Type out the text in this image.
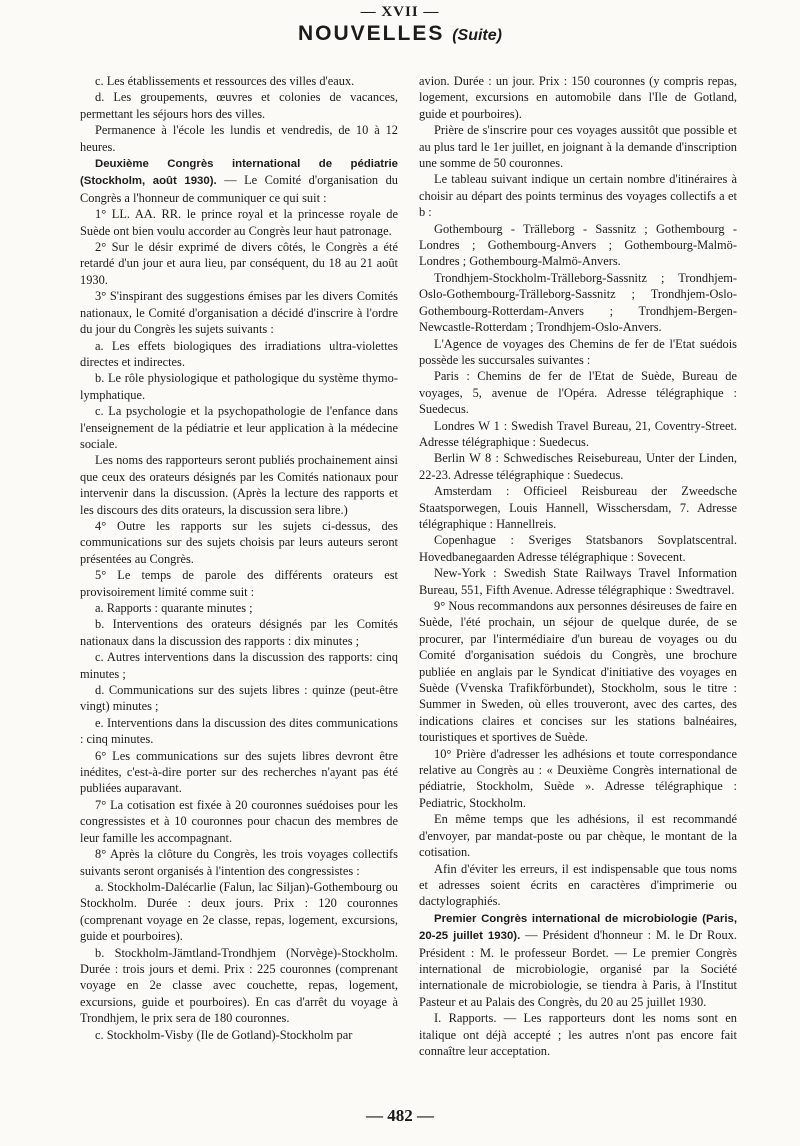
— XVII —
NOUVELLES (Suite)

c. Les établissements et ressources des villes d'eaux.

d. Les groupements, œuvres et colonies de vacances, permettant les séjours hors des villes.

Permanence à l'école les lundis et vendredis, de 10 à 12 heures.

Deuxième Congrès international de pédiatrie (Stockholm, août 1930). — Le Comité d'organisation du Congrès a l'honneur de communiquer ce qui suit :

1° LL. AA. RR. le prince royal et la princesse royale de Suède ont bien voulu accorder au Congrès leur haut patronage.

2° Sur le désir exprimé de divers côtés, le Congrès a été retardé d'un jour et aura lieu, par conséquent, du 18 au 21 août 1930.

3° S'inspirant des suggestions émises par les divers Comités nationaux, le Comité d'organisation a décidé d'inscrire à l'ordre du jour du Congrès les sujets suivants :

a. Les effets biologiques des irradiations ultra-violettes directes et indirectes.

b. Le rôle physiologique et pathologique du système thymo-lymphatique.

c. La psychologie et la psychopathologie de l'enfance dans l'enseignement de la pédiatrie et leur application à la médecine sociale.

Les noms des rapporteurs seront publiés prochainement ainsi que ceux des orateurs désignés par les Comités nationaux pour intervenir dans la discussion. (Après la lecture des rapports et les discours des dits orateurs, la discussion sera libre.)

4° Outre les rapports sur les sujets ci-dessus, des communications sur des sujets choisis par leurs auteurs seront présentées au Congrès.

5° Le temps de parole des différents orateurs est provisoirement limité comme suit :

a. Rapports : quarante minutes ;

b. Interventions des orateurs désignés par les Comités nationaux dans la discussion des rapports : dix minutes ;

c. Autres interventions dans la discussion des rapports: cinq minutes ;

d. Communications sur des sujets libres : quinze (peut-être vingt) minutes ;

e. Interventions dans la discussion des dites communications : cinq minutes.

6° Les communications sur des sujets libres devront être inédites, c'est-à-dire porter sur des recherches n'ayant pas été publiées auparavant.

7° La cotisation est fixée à 20 couronnes suédoises pour les congressistes et à 10 couronnes pour chacun des membres de leur famille les accompagnant.

8° Après la clôture du Congrès, les trois voyages collectifs suivants seront organisés à l'intention des congressistes :

a. Stockholm-Dalécarlie (Falun, lac Siljan)-Gothembourg ou Stockholm. Durée : deux jours. Prix : 120 couronnes (comprenant voyage en 2e classe, repas, logement, excursions, guide et pourboires).

b. Stockholm-Jämtland-Trondhjem (Norvège)-Stockholm. Durée : trois jours et demi. Prix : 225 couronnes (comprenant voyage en 2e classe avec couchette, repas, logement, excursions, guide et pourboires). En cas d'arrêt du voyage à Trondhjem, le prix sera de 180 couronnes.

c. Stockholm-Visby (Ile de Gotland)-Stockholm par

avion. Durée : un jour. Prix : 150 couronnes (y compris repas, logement, excursions en automobile dans l'Ile de Gotland, guide et pourboires).

Prière de s'inscrire pour ces voyages aussitôt que possible et au plus tard le 1er juillet, en joignant à la demande d'inscription une somme de 50 couronnes.

Le tableau suivant indique un certain nombre d'itinéraires à choisir au départ des points terminus des voyages collectifs a et b :

Gothembourg - Trälleborg - Sassnitz ; Gothembourg - Londres ; Gothembourg-Anvers ; Gothembourg-Malmö-Londres ; Gothembourg-Malmö-Anvers.

Trondhjem-Stockholm-Trälleborg-Sassnitz ; Trondhjem-Oslo-Gothembourg-Trälleborg-Sassnitz ; Trondhjem-Oslo-Gothembourg-Rotterdam-Anvers ; Trondhjem-Bergen-Newcastle-Rotterdam ; Trondhjem-Oslo-Anvers.

L'Agence de voyages des Chemins de fer de l'Etat suédois possède les succursales suivantes :

Paris : Chemins de fer de l'Etat de Suède, Bureau de voyages, 5, avenue de l'Opéra. Adresse télégraphique : Suedecus.

Londres W 1 : Swedish Travel Bureau, 21, Coventry-Street. Adresse télégraphique : Suedecus.

Berlin W 8 : Schwedisches Reisebureau, Unter der Linden, 22-23. Adresse télégraphique : Suedecus.

Amsterdam : Officieel Reisbureau der Zweedsche Staatsporwegen, Louis Hannell, Wisschersdam, 7. Adresse télégraphique : Hannellreis.

Copenhague : Sveriges Statsbanors Sovplatscentral. Hovedbanegaarden Adresse télégraphique : Sovecent.

New-York : Swedish State Railways Travel Information Bureau, 551, Fifth Avenue. Adresse télégraphique : Swedtravel.

9° Nous recommandons aux personnes désireuses de faire en Suède, l'été prochain, un séjour de quelque durée, de se procurer, par l'intermédiaire d'un bureau de voyages ou du Comité d'organisation suédois du Congrès, une brochure publiée en anglais par le Syndicat d'initiative des voyages en Suède (Vvenska Trafikförbundet), Stockholm, sous le titre : Summer in Sweden, où elles trouveront, avec des cartes, des indications claires et concises sur les stations balnéaires, touristiques et sportives de Suède.

10° Prière d'adresser les adhésions et toute correspondance relative au Congrès au : « Deuxième Congrès international de pédiatrie, Stockholm, Suède ». Adresse télégraphique : Pediatric, Stockholm.

En même temps que les adhésions, il est recommandé d'envoyer, par mandat-poste ou par chèque, le montant de la cotisation.

Afin d'éviter les erreurs, il est indispensable que tous noms et adresses soient écrits en caractères d'imprimerie ou dactylographiés.

Premier Congrès international de microbiologie (Paris, 20-25 juillet 1930). — Président d'honneur : M. le Dr Roux. Président : M. le professeur Bordet. — Le premier Congrès international de microbiologie, organisé par la Société internationale de microbiologie, se tiendra à Paris, à l'Institut Pasteur et au Palais des Congrès, du 20 au 25 juillet 1930.

I. Rapports. — Les rapporteurs dont les noms sont en italique ont déjà accepté ; les autres n'ont pas encore fait connaître leur acceptation.

— 482 —
